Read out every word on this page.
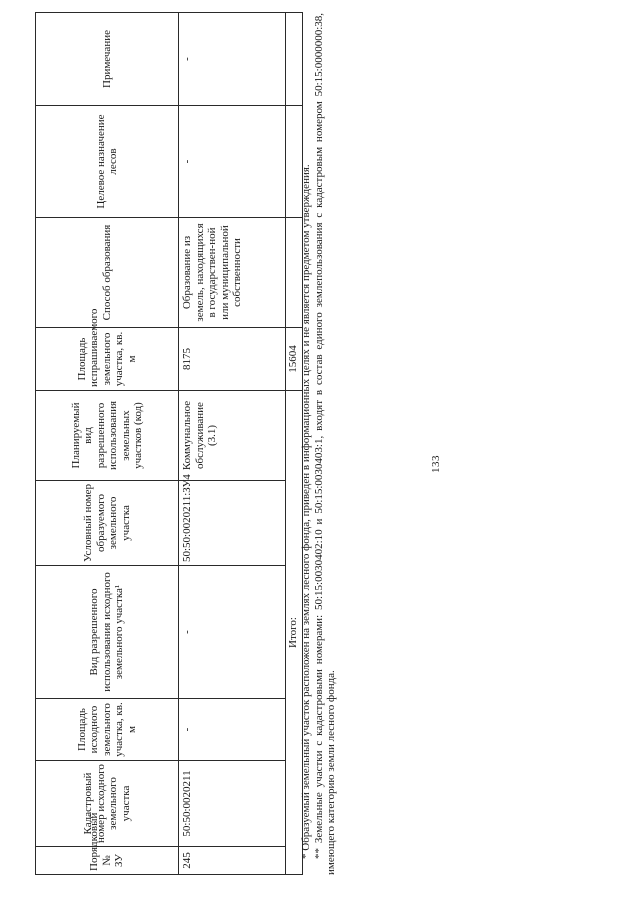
133
Порядковый № ЗУ	Кадастровый номер исходного земельного участка	Площадь исходного земельного участка, кв. м	Вид разрешенного использования исходного земельного участка¹	Условный номер образуемого земельного участка	Планируемый вид разрешенного использования земельных участков (код)	Площадь испрашиваемого земельного участка, кв. м	Способ образования	Целевое назначение лесов	Примечание
245	50:50:0020211	-	-	50:50:0020211:ЗУ4	Коммунальное обслуживание (3.1)	8175	Образование из земель, находящихся в государствен-ной или муниципальной собственности	-	-
Итого:						15604			* Образуемый земельный участок расположен на землях лесного фонда, приведен в информационных целях и не является предметом утверждения. ** Земельные участки с кадастровыми номерами: 50:15:0030402:10 и 50:15:0030403:1, входят в состав единого землепользования с кадастровым номером 50:15:0000000:38, имеющего категорию земли лесного фонда.
